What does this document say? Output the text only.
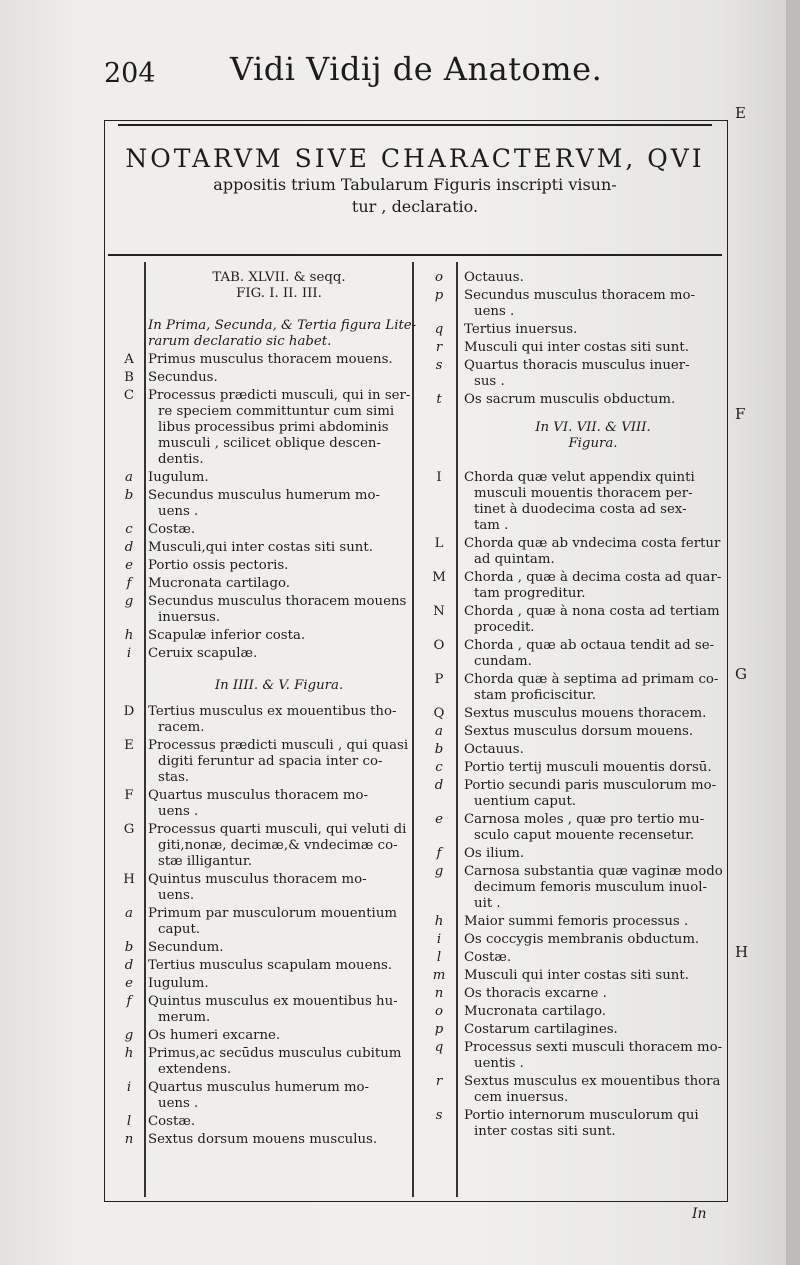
204 Vidi Vidij de Anatome.
E
F
G
H
NOTARVM SIVE CHARACTERVM, QVI
appositis trium Tabularum Figuris inscripti visun-
tur , declaratio.
TAB. XLVII. & seqq.
FIG. I. II. III.
In Prima, Secunda, & Tertia figura Lite-
rarum declaratio sic habet.
A	Primus musculus thoracem mouens.
B	Secundus.
C	Processus prædicti musculi, qui in ser-
re speciem committuntur cum simi
libus processibus primi abdominis
musculi , scilicet oblique descen-
dentis.
a	Iugulum.
b	Secundus musculus humerum mo-
uens .
c	Costæ.
d	Musculi,qui inter costas siti sunt.
e	Portio ossis pectoris.
f	Mucronata cartilago.
g	Secundus musculus thoracem mouens
inuersus.
h	Scapulæ inferior costa.
i	Ceruix scapulæ.
In IIII. & V. Figura.
D	Tertius musculus ex mouentibus tho-
racem.
E	Processus prædicti musculi , qui quasi
digiti feruntur ad spacia inter co-
stas.
F	Quartus musculus thoracem mo-
uens .
G	Processus quarti musculi, qui veluti di
giti,nonæ, decimæ,& vndecimæ co-
stæ illigantur.
H Quintus musculus thoracem mo-
uens.
a	Primum par musculorum mouentium
caput.
b	Secundum.
d	Tertius musculus scapulam mouens.
e	Iugulum.
f	Quintus musculus ex mouentibus hu-
merum.
g	Os humeri excarne.
h	Primus,ac secūdus musculus cubitum
extendens.
i	Quartus musculus humerum mo-
uens .
l	Costæ.
n	Sextus dorsum mouens musculus.
o	Octauus.
p	Secundus musculus thoracem mo-
uens .
q	Tertius inuersus.
r	Musculi qui inter costas siti sunt.
s	Quartus thoracis musculus inuer-
sus .
t	Os sacrum musculis obductum.
In VI. VII. & VIII.
Figura.
I	Chorda quæ velut appendix quinti
musculi mouentis thoracem per-
tinet à duodecima costa ad sex-
tam .
L	Chorda quæ ab vndecima costa fertur
ad quintam.
M	Chorda , quæ à decima costa ad quar-
tam progreditur.
N	Chorda , quæ à nona costa ad tertiam
procedit.
O	Chorda , quæ ab octaua tendit ad se-
cundam.
P	Chorda quæ à septima ad primam co-
stam proficiscitur.
Q	Sextus musculus mouens thoracem.
a	Sextus musculus dorsum mouens.
b	Octauus.
c	Portio tertij musculi mouentis dorsū.
d	Portio secundi paris musculorum mo-
uentium caput.
e	Carnosa moles , quæ pro tertio mu-
sculo caput mouente recensetur.
f	Os ilium.
g	Carnosa substantia quæ vaginæ modo
decimum femoris musculum inuol-
uit .
h	Maior summi femoris processus .
i	Os coccygis membranis obductum.
l	Costæ.
m	Musculi qui inter costas siti sunt.
n	Os thoracis excarne .
o	Mucronata cartilago.
p	Costarum cartilagines.
q	Processus sexti musculi thoracem mo-
uentis .
r	Sextus musculus ex mouentibus thora
cem inuersus.
s	Portio internorum musculorum qui
inter costas siti sunt.
In
